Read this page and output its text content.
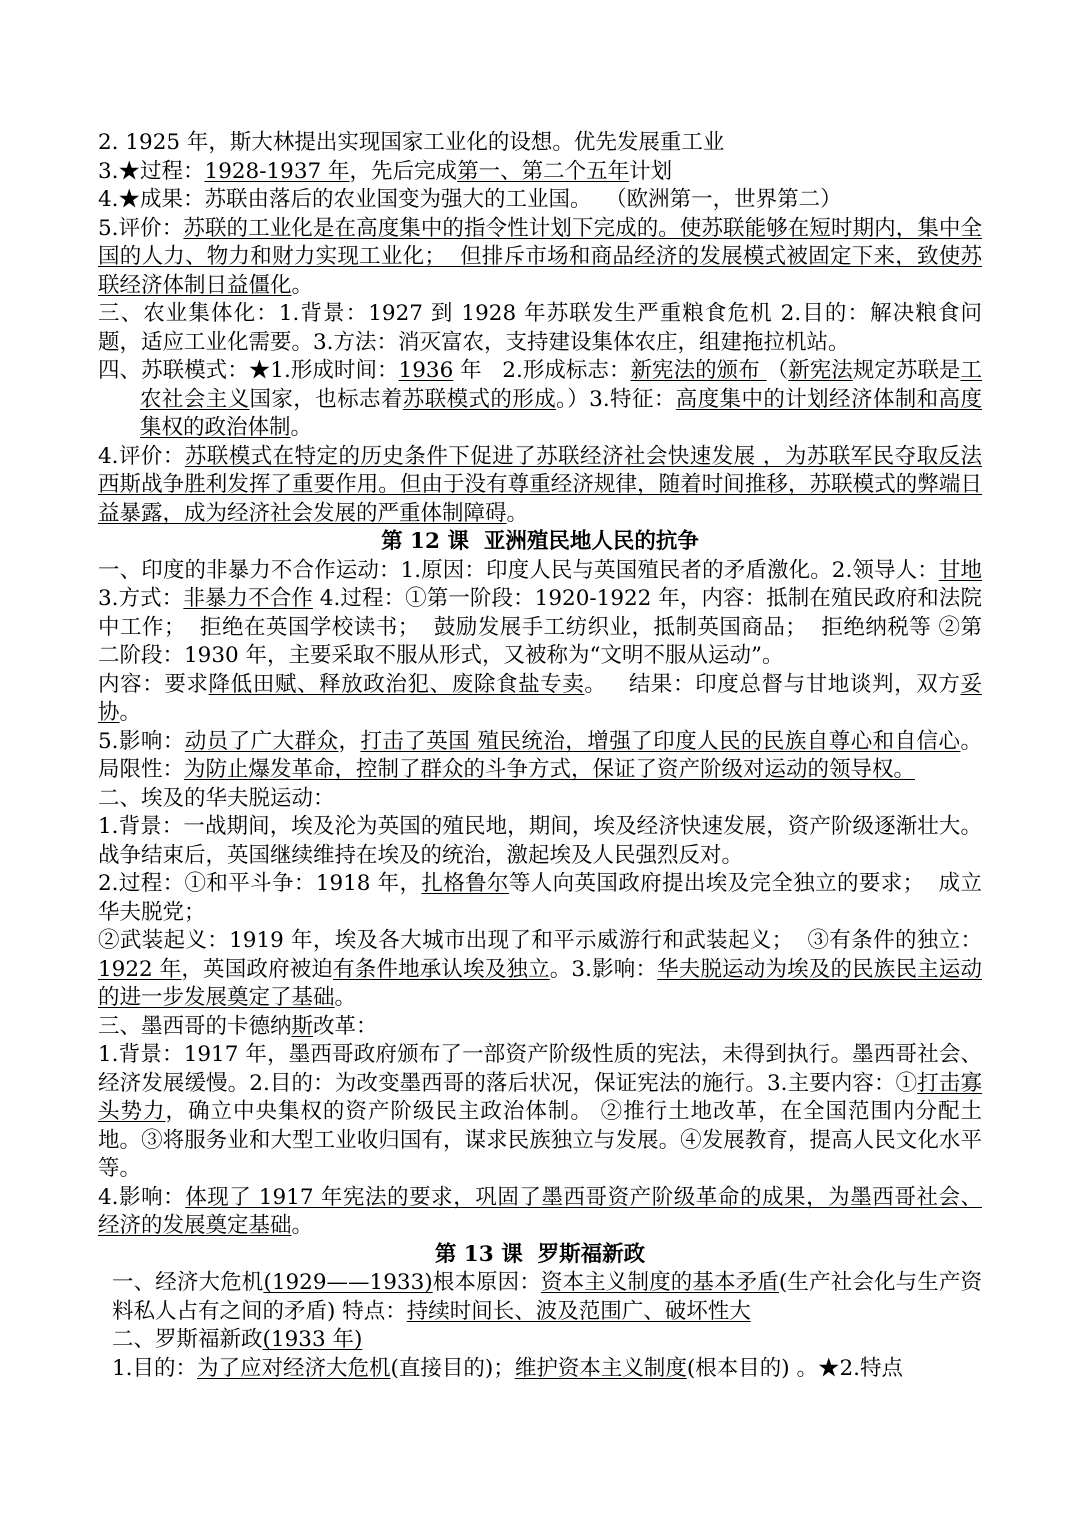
2. 1925 年，斯大林提出实现国家工业化的设想。优先发展重工业

3.★过程：1928-1937 年，先后完成第一、第二个五年计划

4.★成果：苏联由落后的农业国变为强大的工业国。  （欧洲第一，世界第二）

5.评价：苏联的工业化是在高度集中的指令性计划下完成的。使苏联能够在短时期内，集中全国的人力、物力和财力实现工业化；  但排斥市场和商品经济的发展模式被固定下来，致使苏联经济体制日益僵化。

三、农业集体化：1.背景：1927 到 1928 年苏联发生严重粮食危机 2.目的：解决粮食问题，适应工业化需要。3.方法：消灭富农，支持建设集体农庄，组建拖拉机站。

四、苏联模式：★1.形成时间：1936 年   2.形成标志：新宪法的颁布 （新宪法规定苏联是工农社会主义国家，也标志着苏联模式的形成。）3.特征：高度集中的计划经济体制和高度集权的政治体制。

4.评价：苏联模式在特定的历史条件下促进了苏联经济社会快速发展 ，为苏联军民夺取反法西斯战争胜利发挥了重要作用。但由于没有尊重经济规律，随着时间推移，苏联模式的弊端日益暴露，成为经济社会发展的严重体制障碍。

第 12 课  亚洲殖民地人民的抗争

一、印度的非暴力不合作运动：1.原因：印度人民与英国殖民者的矛盾激化。2.领导人：甘地    3.方式：非暴力不合作 4.过程：①第一阶段：1920-1922 年，内容：抵制在殖民政府和法院中工作；  拒绝在英国学校读书；  鼓励发展手工纺织业，抵制英国商品；  拒绝纳税等 ②第二阶段：1930 年，主要采取不服从形式，又被称为“文明不服从运动”。

内容：要求降低田赋、释放政治犯、废除食盐专卖。   结果：印度总督与甘地谈判，双方妥协。

5.影响：动员了广大群众，打击了英国 殖民统治，增强了印度人民的民族自尊心和自信心。局限性：为防止爆发革命，控制了群众的斗争方式，保证了资产阶级对运动的领导权。

二、埃及的华夫脱运动：

1.背景：一战期间，埃及沦为英国的殖民地，期间，埃及经济快速发展，资产阶级逐渐壮大。战争结束后，英国继续维持在埃及的统治，激起埃及人民强烈反对。

2.过程：①和平斗争：1918 年，扎格鲁尔等人向英国政府提出埃及完全独立的要求；  成立华夫脱党；

②武装起义：1919 年，埃及各大城市出现了和平示威游行和武装起义；  ③有条件的独立：1922 年，英国政府被迫有条件地承认埃及独立。3.影响：华夫脱运动为埃及的民族民主运动的进一步发展奠定了基础。

三、墨西哥的卡德纳斯改革：

1.背景：1917 年，墨西哥政府颁布了一部资产阶级性质的宪法，未得到执行。墨西哥社会、经济发展缓慢。2.目的：为改变墨西哥的落后状况，保证宪法的施行。3.主要内容：①打击寡头势力，确立中央集权的资产阶级民主政治体制。 ②推行土地改革，在全国范围内分配土地。③将服务业和大型工业收归国有，谋求民族独立与发展。④发展教育，提高人民文化水平等。

4.影响：体现了 1917 年宪法的要求，巩固了墨西哥资产阶级革命的成果，为墨西哥社会、经济的发展奠定基础。

第 13 课  罗斯福新政

一、经济大危机(1929——1933)根本原因：资本主义制度的基本矛盾(生产社会化与生产资料私人占有之间的矛盾) 特点：持续时间长、波及范围广、破坏性大

二、罗斯福新政(1933 年)

1.目的：为了应对经济大危机(直接目的)；维护资本主义制度(根本目的) 。★2.特点
